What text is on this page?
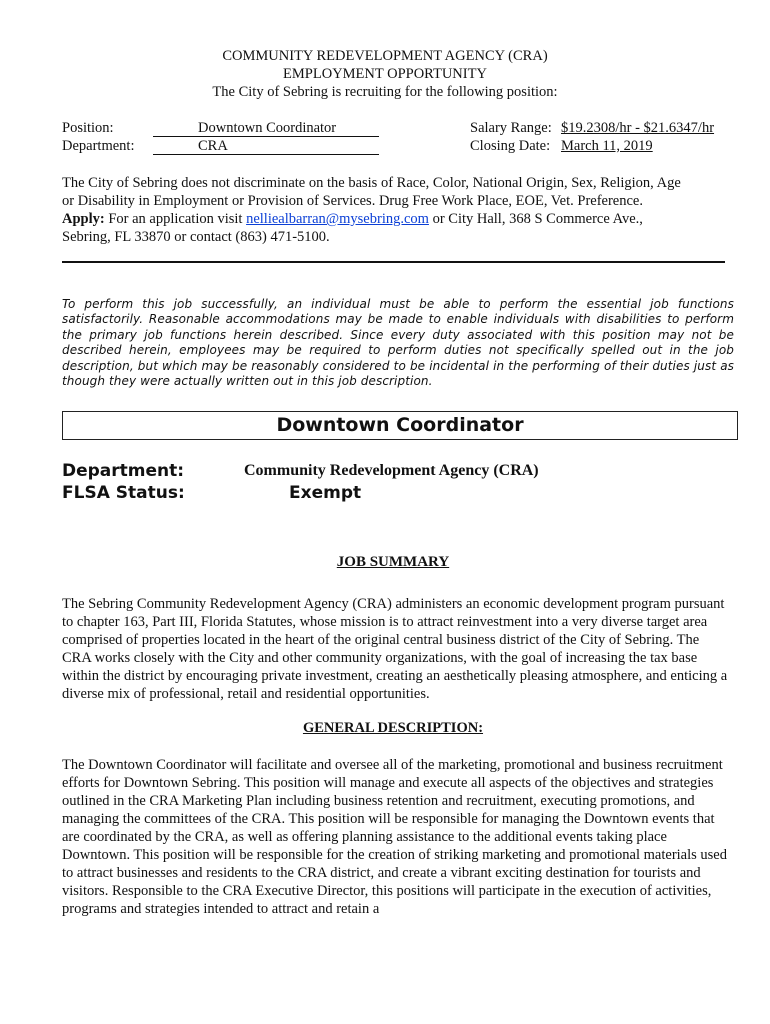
COMMUNITY REDEVELOPMENT AGENCY (CRA)
EMPLOYMENT OPPORTUNITY
The City of Sebring is recruiting for the following position:
Position:	Downtown Coordinator
Department:	CRA
Salary Range: $19.2308/hr - $21.6347/hr
Closing Date: March 11, 2019
The City of Sebring does not discriminate on the basis of Race, Color, National Origin, Sex, Religion, Age
or Disability in Employment or Provision of Services. Drug Free Work Place, EOE, Vet. Preference.
Apply: For an application visit nelliealbarran@mysebring.com or City Hall, 368 S Commerce Ave.,
Sebring, FL 33870 or contact (863) 471-5100.
To perform this job successfully, an individual must be able to perform the essential job functions satisfactorily. Reasonable accommodations may be made to enable individuals with disabilities to perform the primary job functions herein described. Since every duty associated with this position may not be described herein, employees may be required to perform duties not specifically spelled out in the job description, but which may be reasonably considered to be incidental in the performing of their duties just as though they were actually written out in this job description.
Downtown Coordinator
Department:	Community Redevelopment Agency (CRA)
FLSA Status:	Exempt
JOB SUMMARY
The Sebring Community Redevelopment Agency (CRA) administers an economic development program pursuant to chapter 163, Part III, Florida Statutes, whose mission is to attract reinvestment into a very diverse target area comprised of properties located in the heart of the original central business district of the City of Sebring. The CRA works closely with the City and other community organizations, with the goal of increasing the tax base within the district by encouraging private investment, creating an aesthetically pleasing atmosphere, and enticing a diverse mix of professional, retail and residential opportunities.
GENERAL DESCRIPTION:
The Downtown Coordinator will facilitate and oversee all of the marketing, promotional and business recruitment efforts for Downtown Sebring. This position will manage and execute all aspects of the objectives and strategies outlined in the CRA Marketing Plan including business retention and recruitment, executing promotions, and managing the committees of the CRA. This position will be responsible for managing the Downtown events that are coordinated by the CRA, as well as offering planning assistance to the additional events taking place Downtown. This position will be responsible for the creation of striking marketing and promotional materials used to attract businesses and residents to the CRA district, and create a vibrant exciting destination for tourists and visitors. Responsible to the CRA Executive Director, this positions will participate in the execution of activities, programs and strategies intended to attract and retain a
